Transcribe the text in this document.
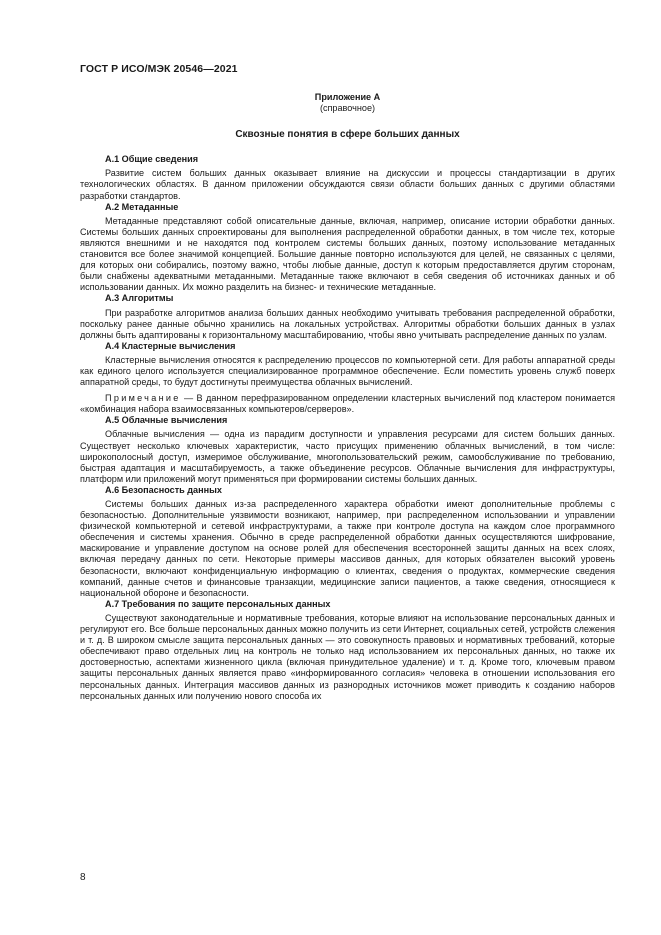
ГОСТ Р ИСО/МЭК 20546—2021

Приложение А

(справочное)

Сквозные понятия в сфере больших данных

А.1 Общие сведения

Развитие систем больших данных оказывает влияние на дискуссии и процессы стандартизации в других технологических областях. В данном приложении обсуждаются связи области больших данных с другими областями разработки стандартов.

А.2 Метаданные

Метаданные представляют собой описательные данные, включая, например, описание истории обработки данных. Системы больших данных спроектированы для выполнения распределенной обработки данных, в том числе тех, которые являются внешними и не находятся под контролем системы больших данных, поэтому использование метаданных становится все более значимой концепцией. Большие данные повторно используются для целей, не связанных с целями, для которых они собирались, поэтому важно, чтобы любые данные, доступ к которым предоставляется другим сторонам, были снабжены адекватными метаданными. Метаданные также включают в себя сведения об источниках данных и об использовании данных. Их можно разделить на бизнес- и технические метаданные.

А.3 Алгоритмы

При разработке алгоритмов анализа больших данных необходимо учитывать требования распределенной обработки, поскольку ранее данные обычно хранились на локальных устройствах. Алгоритмы обработки больших данных в узлах должны быть адаптированы к горизонтальному масштабированию, чтобы явно учитывать распределение данных по узлам.

А.4 Кластерные вычисления

Кластерные вычисления относятся к распределению процессов по компьютерной сети. Для работы аппаратной среды как единого целого используется специализированное программное обеспечение. Если поместить уровень служб поверх аппаратной среды, то будут достигнуты преимущества облачных вычислений.

Примечание — В данном перефразированном определении кластерных вычислений под кластером понимается «комбинация набора взаимосвязанных компьютеров/серверов».

А.5 Облачные вычисления

Облачные вычисления — одна из парадигм доступности и управления ресурсами для систем больших данных. Существует несколько ключевых характеристик, часто присущих применению облачных вычислений, в том числе: широкополосный доступ, измеримое обслуживание, многопользовательский режим, самообслуживание по требованию, быстрая адаптация и масштабируемость, а также объединение ресурсов. Облачные вычисления для инфраструктуры, платформ или приложений могут применяться при формировании системы больших данных.

А.6 Безопасность данных

Системы больших данных из-за распределенного характера обработки имеют дополнительные проблемы с безопасностью. Дополнительные уязвимости возникают, например, при распределенном использовании и управлении физической компьютерной и сетевой инфраструктурами, а также при контроле доступа на каждом слое программного обеспечения и системы хранения. Обычно в среде распределенной обработки данных осуществляются шифрование, маскирование и управление доступом на основе ролей для обеспечения всесторонней защиты данных на всех слоях, включая передачу данных по сети. Некоторые примеры массивов данных, для которых обязателен высокий уровень безопасности, включают конфиденциальную информацию о клиентах, сведения о продуктах, коммерческие сведения компаний, данные счетов и финансовые транзакции, медицинские записи пациентов, а также сведения, относящиеся к национальной обороне и безопасности.

А.7 Требования по защите персональных данных

Существуют законодательные и нормативные требования, которые влияют на использование персональных данных и регулируют его. Все больше персональных данных можно получить из сети Интернет, социальных сетей, устройств слежения и т. д. В широком смысле защита персональных данных — это совокупность правовых и нормативных требований, которые обеспечивают право отдельных лиц на контроль не только над использованием их персональных данных, но также их достоверностью, аспектами жизненного цикла (включая принудительное удаление) и т. д. Кроме того, ключевым правом защиты персональных данных является право «информированного согласия» человека в отношении использования его персональных данных. Интеграция массивов данных из разнородных источников может приводить к созданию наборов персональных данных или получению нового способа их

8
